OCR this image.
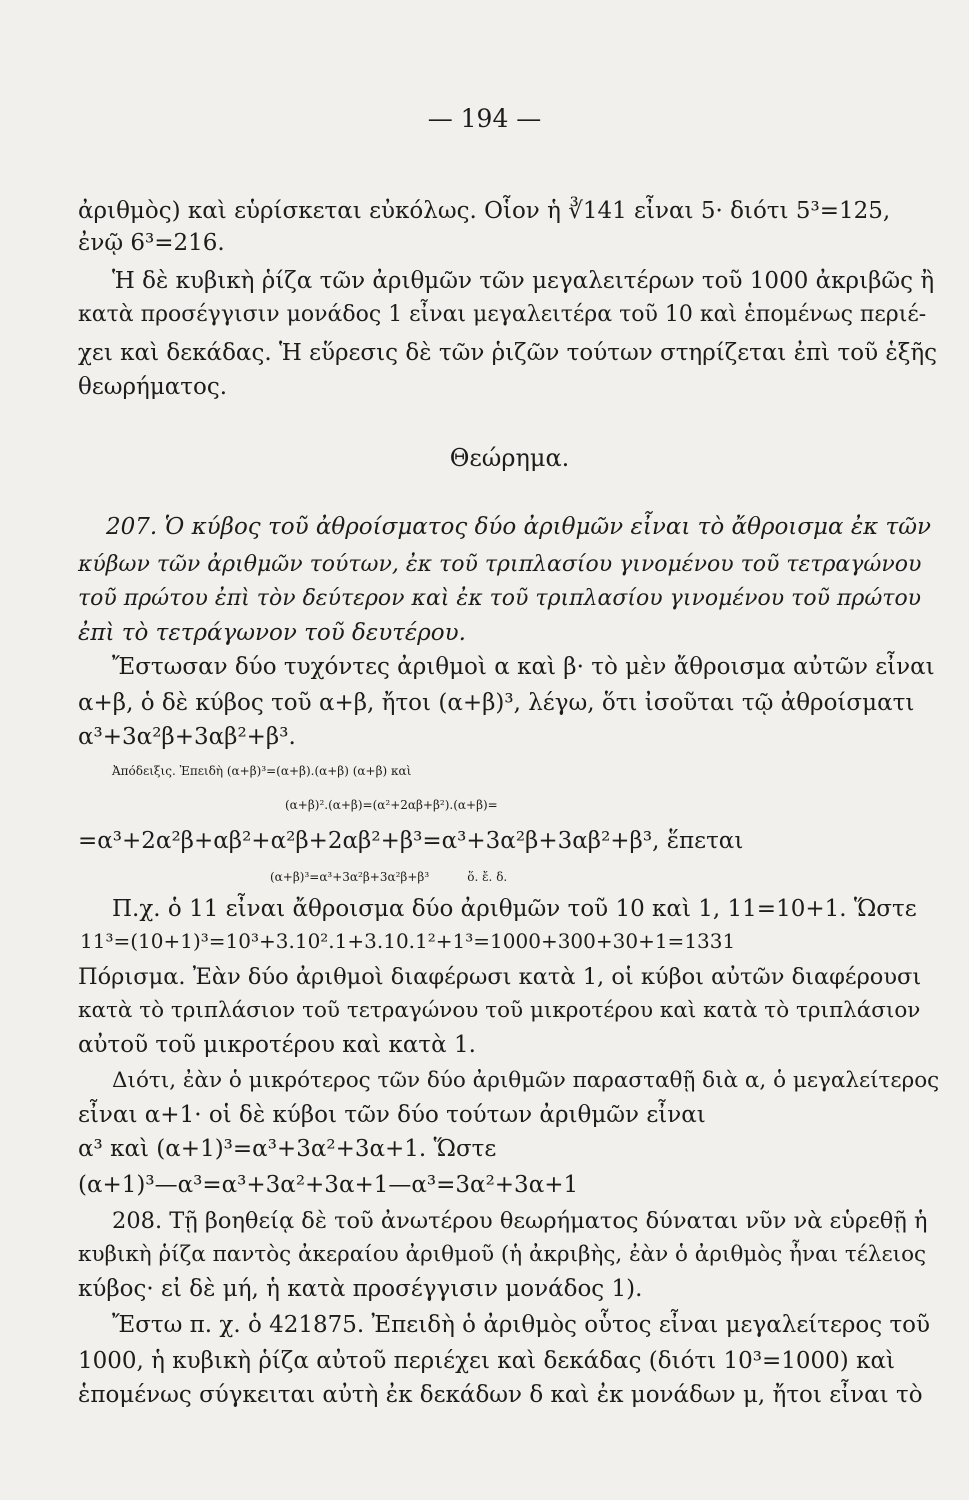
— 194 —
ἀριθμὸς) καὶ εὑρίσκεται εὐκόλως. Οἷον ἡ ∛141 εἶναι 5· διότι 5³=125,
ἐνῷ 6³=216.
Ἡ δὲ κυβικὴ ῥίζα τῶν ἀριθμῶν τῶν μεγαλειτέρων τοῦ 1000 ἀκριβῶς ἢ
κατὰ προσέγγισιν μονάδος 1 εἶναι μεγαλειτέρα τοῦ 10 καὶ ἑπομένως περιέ-
χει καὶ δεκάδας. Ἡ εὕρεσις δὲ τῶν ῥιζῶν τούτων στηρίζεται ἐπὶ τοῦ ἑξῆς
θεωρήματος.
Θεώρημα.
207. Ὁ κύβος τοῦ ἀθροίσματος δύο ἀριθμῶν εἶναι τὸ ἄθροισμα ἐκ τῶν
κύβων τῶν ἀριθμῶν τούτων, ἐκ τοῦ τριπλασίου γινομένου τοῦ τετραγώνου
τοῦ πρώτου ἐπὶ τὸν δεύτερον καὶ ἐκ τοῦ τριπλασίου γινομένου τοῦ πρώτου
ἐπὶ τὸ τετράγωνον τοῦ δευτέρου.
Ἔστωσαν δύο τυχόντες ἀριθμοὶ α καὶ β· τὸ μὲν ἄθροισμα αὐτῶν εἶναι
α+β, ὁ δὲ κύβος τοῦ α+β, ἤτοι (α+β)³, λέγω, ὅτι ἰσοῦται τῷ ἀθροίσματι
α³+3α²β+3αβ²+β³.
Ἀπόδειξις. Ἐπειδὴ (α+β)³=(α+β).(α+β) (α+β) καὶ
(α+β)².(α+β)=(α²+2αβ+β²).(α+β)=
=α³+2α²β+αβ²+α²β+2αβ²+β³=α³+3α²β+3αβ²+β³, ἕπεται
(α+β)³=α³+3α²β+3α²β+β³          ὅ. ἔ. δ.
Π.χ. ὁ 11 εἶναι ἄθροισμα δύο ἀριθμῶν τοῦ 10 καὶ 1, 11=10+1. Ὥστε
11³=(10+1)³=10³+3.10².1+3.10.1²+1³=1000+300+30+1=1331
Πόρισμα. Ἐὰν δύο ἀριθμοὶ διαφέρωσι κατὰ 1, οἱ κύβοι αὐτῶν διαφέρουσι
κατὰ τὸ τριπλάσιον τοῦ τετραγώνου τοῦ μικροτέρου καὶ κατὰ τὸ τριπλάσιον
αὐτοῦ τοῦ μικροτέρου καὶ κατὰ 1.
Διότι, ἐὰν ὁ μικρότερος τῶν δύο ἀριθμῶν παρασταθῇ διὰ α, ὁ μεγαλείτερος
εἶναι α+1· οἱ δὲ κύβοι τῶν δύο τούτων ἀριθμῶν εἶναι
α³ καὶ (α+1)³=α³+3α²+3α+1. Ὥστε
(α+1)³—α³=α³+3α²+3α+1—α³=3α²+3α+1
208. Τῇ βοηθείᾳ δὲ τοῦ ἀνωτέρου θεωρήματος δύναται νῦν νὰ εὑρεθῇ ἡ
κυβικὴ ῥίζα παντὸς ἀκεραίου ἀριθμοῦ (ἡ ἀκριβὴς, ἐὰν ὁ ἀριθμὸς ἦναι τέλειος
κύβος· εἰ δὲ μή, ἡ κατὰ προσέγγισιν μονάδος 1).
Ἔστω π. χ. ὁ 421875. Ἐπειδὴ ὁ ἀριθμὸς οὗτος εἶναι μεγαλείτερος τοῦ
1000, ἡ κυβικὴ ῥίζα αὐτοῦ περιέχει καὶ δεκάδας (διότι 10³=1000) καὶ
ἑπομένως σύγκειται αὐτὴ ἐκ δεκάδων δ καὶ ἐκ μονάδων μ, ἤτοι εἶναι τὸ
